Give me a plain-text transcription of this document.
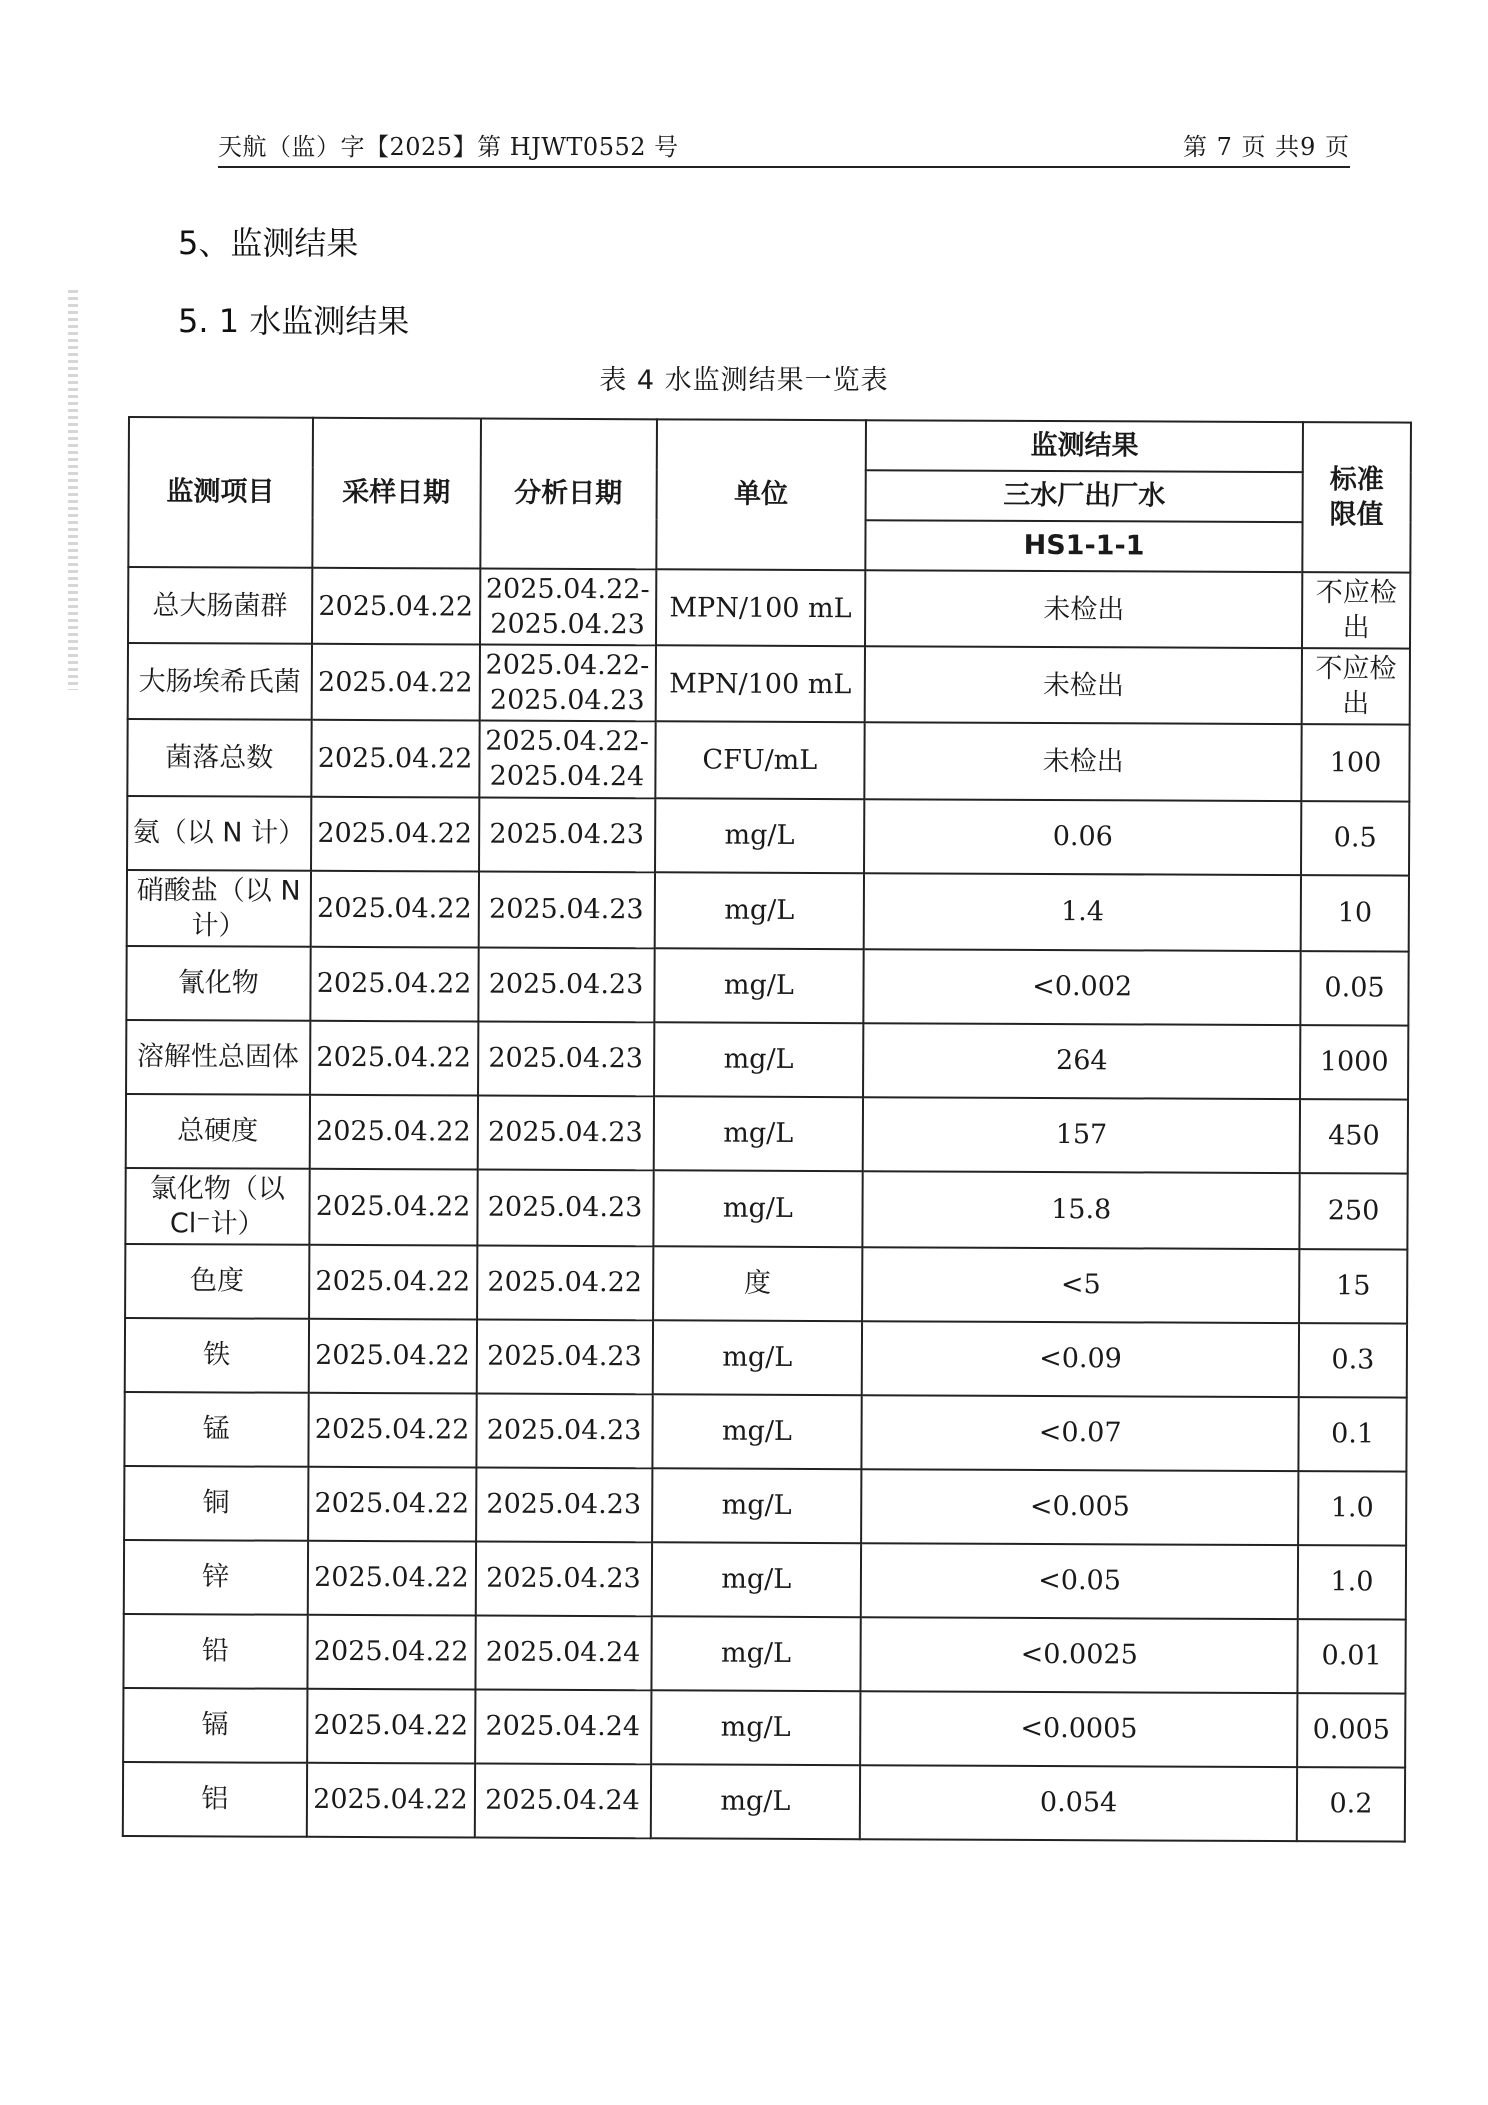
天航（监）字【2025】第 HJWT0552 号	第 7 页 共9 页
5、监测结果
5. 1 水监测结果
表 4 水监测结果一览表
监测项目	采样日期	分析日期	单位	监测结果	标准限值
				三水厂出厂水	
				HS1-1-1	
总大肠菌群	2025.04.22	2025.04.22-2025.04.23	MPN/100 mL	未检出	不应检出
大肠埃希氏菌	2025.04.22	2025.04.22-2025.04.23	MPN/100 mL	未检出	不应检出
菌落总数	2025.04.22	2025.04.22-2025.04.24	CFU/mL	未检出	100
氨（以 N 计）	2025.04.22	2025.04.23	mg/L	0.06	0.5
硝酸盐（以 N 计）	2025.04.22	2025.04.23	mg/L	1.4	10
氰化物	2025.04.22	2025.04.23	mg/L	<0.002	0.05
溶解性总固体	2025.04.22	2025.04.23	mg/L	264	1000
总硬度	2025.04.22	2025.04.23	mg/L	157	450
氯化物（以 Cl⁻计）	2025.04.22	2025.04.23	mg/L	15.8	250
色度	2025.04.22	2025.04.22	度	<5	15
铁	2025.04.22	2025.04.23	mg/L	<0.09	0.3
锰	2025.04.22	2025.04.23	mg/L	<0.07	0.1
铜	2025.04.22	2025.04.23	mg/L	<0.005	1.0
锌	2025.04.22	2025.04.23	mg/L	<0.05	1.0
铅	2025.04.22	2025.04.24	mg/L	<0.0025	0.01
镉	2025.04.22	2025.04.24	mg/L	<0.0005	0.005
铝	2025.04.22	2025.04.24	mg/L	0.054	0.2
